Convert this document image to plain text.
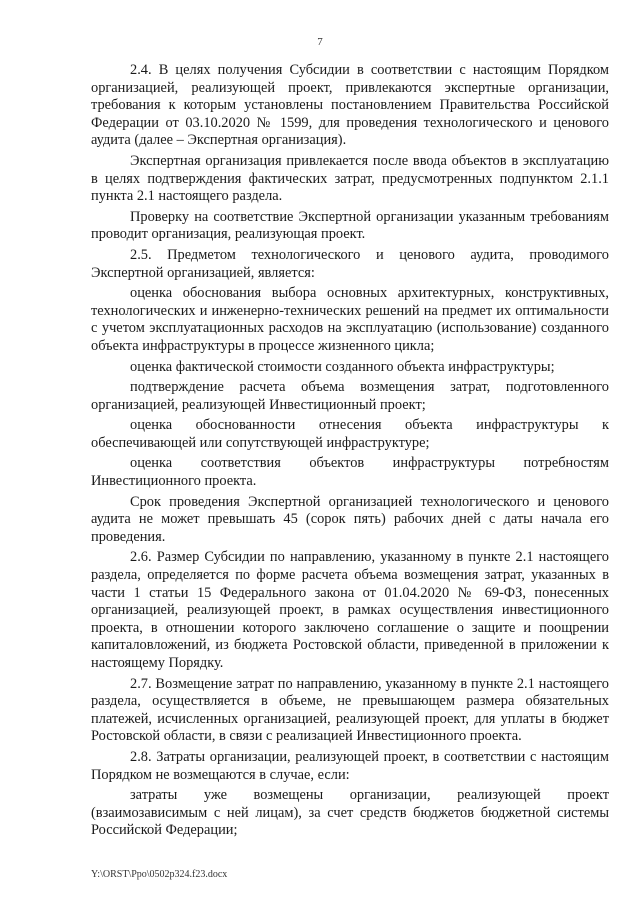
7

2.4. В целях получения Субсидии в соответствии с настоящим Порядком организацией, реализующей проект, привлекаются экспертные организации, требования к которым установлены постановлением Правительства Российской Федерации от 03.10.2020 № 1599, для проведения технологического и ценового аудита (далее – Экспертная организация).

Экспертная организация привлекается после ввода объектов в эксплуатацию в целях подтверждения фактических затрат, предусмотренных подпунктом 2.1.1 пункта 2.1 настоящего раздела.

Проверку на соответствие Экспертной организации указанным требованиям проводит организация, реализующая проект.

2.5. Предметом технологического и ценового аудита, проводимого Экспертной организацией, является:

оценка обоснования выбора основных архитектурных, конструктивных, технологических и инженерно-технических решений на предмет их оптимальности с учетом эксплуатационных расходов на эксплуатацию (использование) созданного объекта инфраструктуры в процессе жизненного цикла;

оценка фактической стоимости созданного объекта инфраструктуры;

подтверждение расчета объема возмещения затрат, подготовленного организацией, реализующей Инвестиционный проект;

оценка обоснованности отнесения объекта инфраструктуры к обеспечивающей или сопутствующей инфраструктуре;

оценка соответствия объектов инфраструктуры потребностям Инвестиционного проекта.

Срок проведения Экспертной организацией технологического и ценового аудита не может превышать 45 (сорок пять) рабочих дней с даты начала его проведения.

2.6. Размер Субсидии по направлению, указанному в пункте 2.1 настоящего раздела, определяется по форме расчета объема возмещения затрат, указанных в части 1 статьи 15 Федерального закона от 01.04.2020 № 69-ФЗ, понесенных организацией, реализующей проект, в рамках осуществления инвестиционного проекта, в отношении которого заключено соглашение о защите и поощрении капиталовложений, из бюджета Ростовской области, приведенной в приложении к настоящему Порядку.

2.7. Возмещение затрат по направлению, указанному в пункте 2.1 настоящего раздела, осуществляется в объеме, не превышающем размера обязательных платежей, исчисленных организацией, реализующей проект, для уплаты в бюджет Ростовской области, в связи с реализацией Инвестиционного проекта.

2.8. Затраты организации, реализующей проект, в соответствии с настоящим Порядком не возмещаются в случае, если:

затраты уже возмещены организации, реализующей проект (взаимозависимым с ней лицам), за счет средств бюджетов бюджетной системы Российской Федерации;

Y:\ORST\Ppo\0502p324.f23.docx
